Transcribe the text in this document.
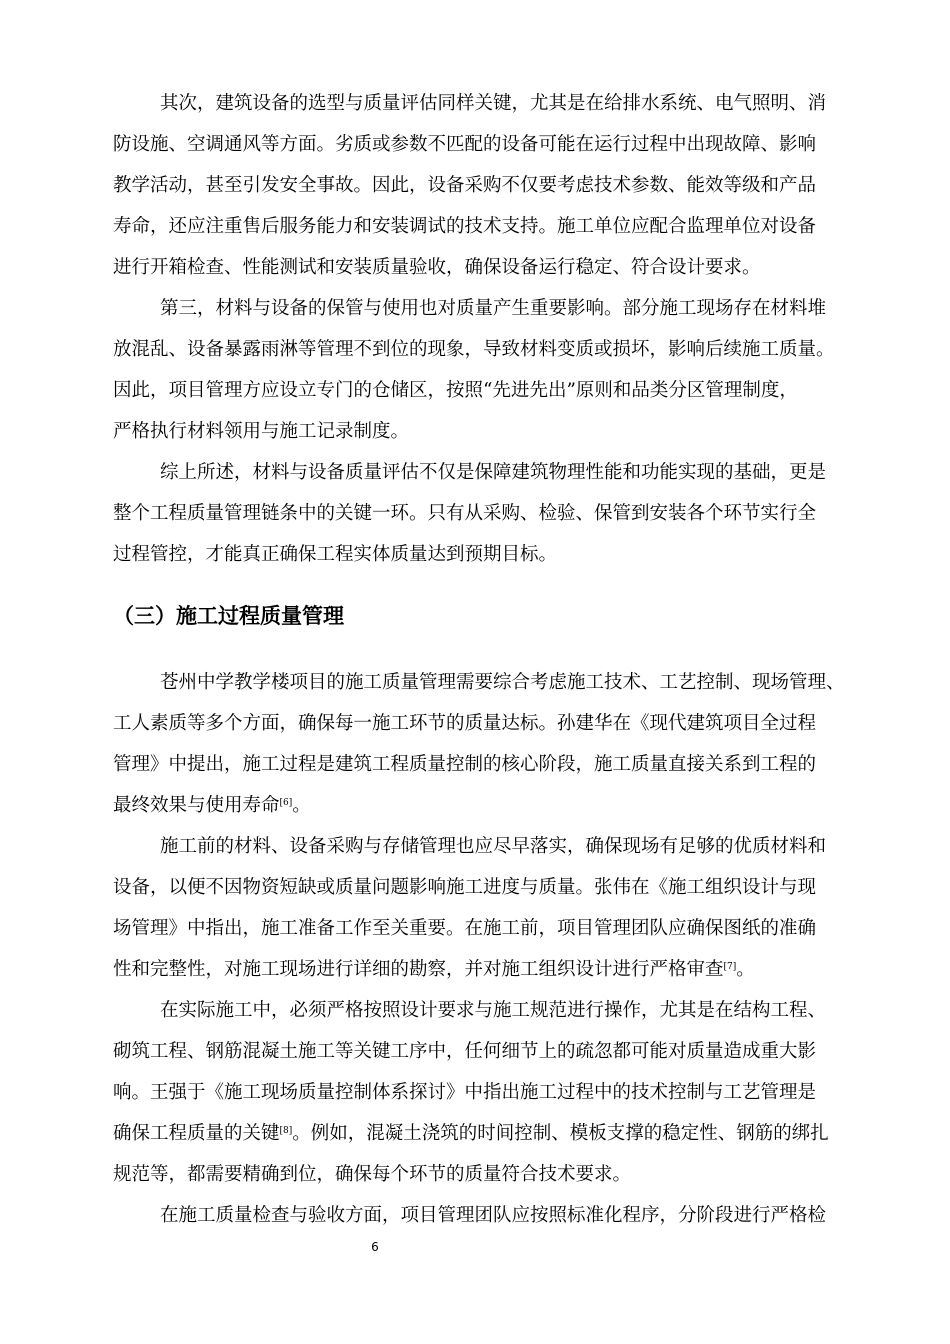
其次，建筑设备的选型与质量评估同样关键，尤其是在给排水系统、电气照明、消
防设施、空调通风等方面。劣质或参数不匹配的设备可能在运行过程中出现故障、影响
教学活动，甚至引发安全事故。因此，设备采购不仅要考虑技术参数、能效等级和产品
寿命，还应注重售后服务能力和安装调试的技术支持。施工单位应配合监理单位对设备
进行开箱检查、性能测试和安装质量验收，确保设备运行稳定、符合设计要求。
第三，材料与设备的保管与使用也对质量产生重要影响。部分施工现场存在材料堆
放混乱、设备暴露雨淋等管理不到位的现象，导致材料变质或损坏，影响后续施工质量。
因此，项目管理方应设立专门的仓储区，按照“先进先出”原则和品类分区管理制度，
严格执行材料领用与施工记录制度。
综上所述，材料与设备质量评估不仅是保障建筑物理性能和功能实现的基础，更是
整个工程质量管理链条中的关键一环。只有从采购、检验、保管到安装各个环节实行全
过程管控，才能真正确保工程实体质量达到预期目标。
（三）施工过程质量管理
苍州中学教学楼项目的施工质量管理需要综合考虑施工技术、工艺控制、现场管理、
工人素质等多个方面，确保每一施工环节的质量达标。孙建华在《现代建筑项目全过程
管理》中提出，施工过程是建筑工程质量控制的核心阶段，施工质量直接关系到工程的
最终效果与使用寿命[6]。
施工前的材料、设备采购与存储管理也应尽早落实，确保现场有足够的优质材料和
设备，以便不因物资短缺或质量问题影响施工进度与质量。张伟在《施工组织设计与现
场管理》中指出，施工准备工作至关重要。在施工前，项目管理团队应确保图纸的准确
性和完整性，对施工现场进行详细的勘察，并对施工组织设计进行严格审查[7]。
在实际施工中，必须严格按照设计要求与施工规范进行操作，尤其是在结构工程、
砌筑工程、钢筋混凝土施工等关键工序中，任何细节上的疏忽都可能对质量造成重大影
响。王强于《施工现场质量控制体系探讨》中指出施工过程中的技术控制与工艺管理是
确保工程质量的关键[8]。例如，混凝土浇筑的时间控制、模板支撑的稳定性、钢筋的绑扎
规范等，都需要精确到位，确保每个环节的质量符合技术要求。
在施工质量检查与验收方面，项目管理团队应按照标准化程序，分阶段进行严格检
6
